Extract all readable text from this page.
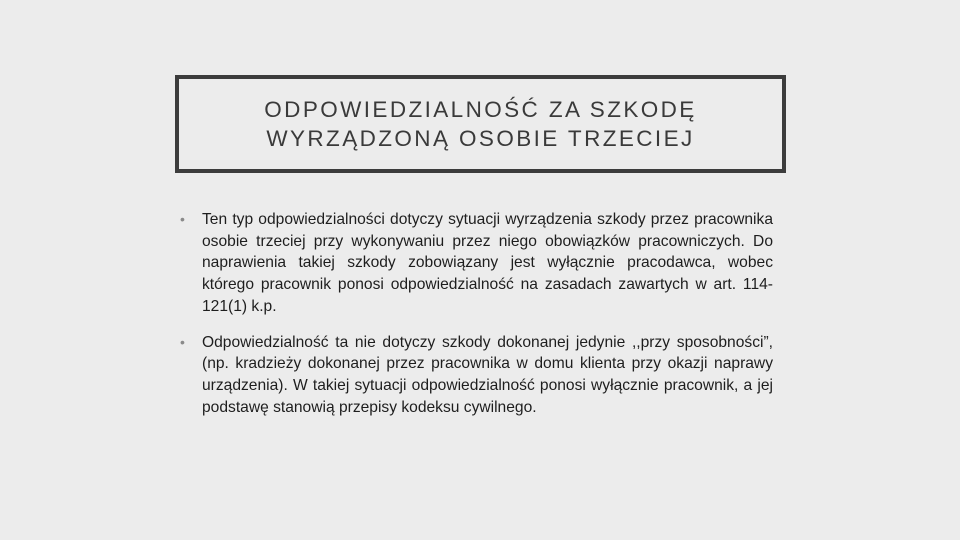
ODPOWIEDZIALNOŚĆ ZA SZKODĘ
WYRZĄDZONĄ OSOBIE TRZECIEJ
•	Ten typ odpowiedzialności dotyczy sytuacji wyrządzenia szkody przez pracownika osobie trzeciej przy wykonywaniu przez niego obowiązków pracowniczych. Do naprawienia takiej szkody zobowiązany jest wyłącznie pracodawca, wobec którego pracownik ponosi odpowiedzialność na zasadach zawartych w art. 114-121(1) k.p.
•	Odpowiedzialność ta nie dotyczy szkody dokonanej jedynie ,,przy sposobności”, (np. kradzieży dokonanej przez pracownika w domu klienta przy okazji naprawy urządzenia). W takiej sytuacji odpowiedzialność ponosi wyłącznie pracownik, a jej podstawę stanowią przepisy kodeksu cywilnego.
